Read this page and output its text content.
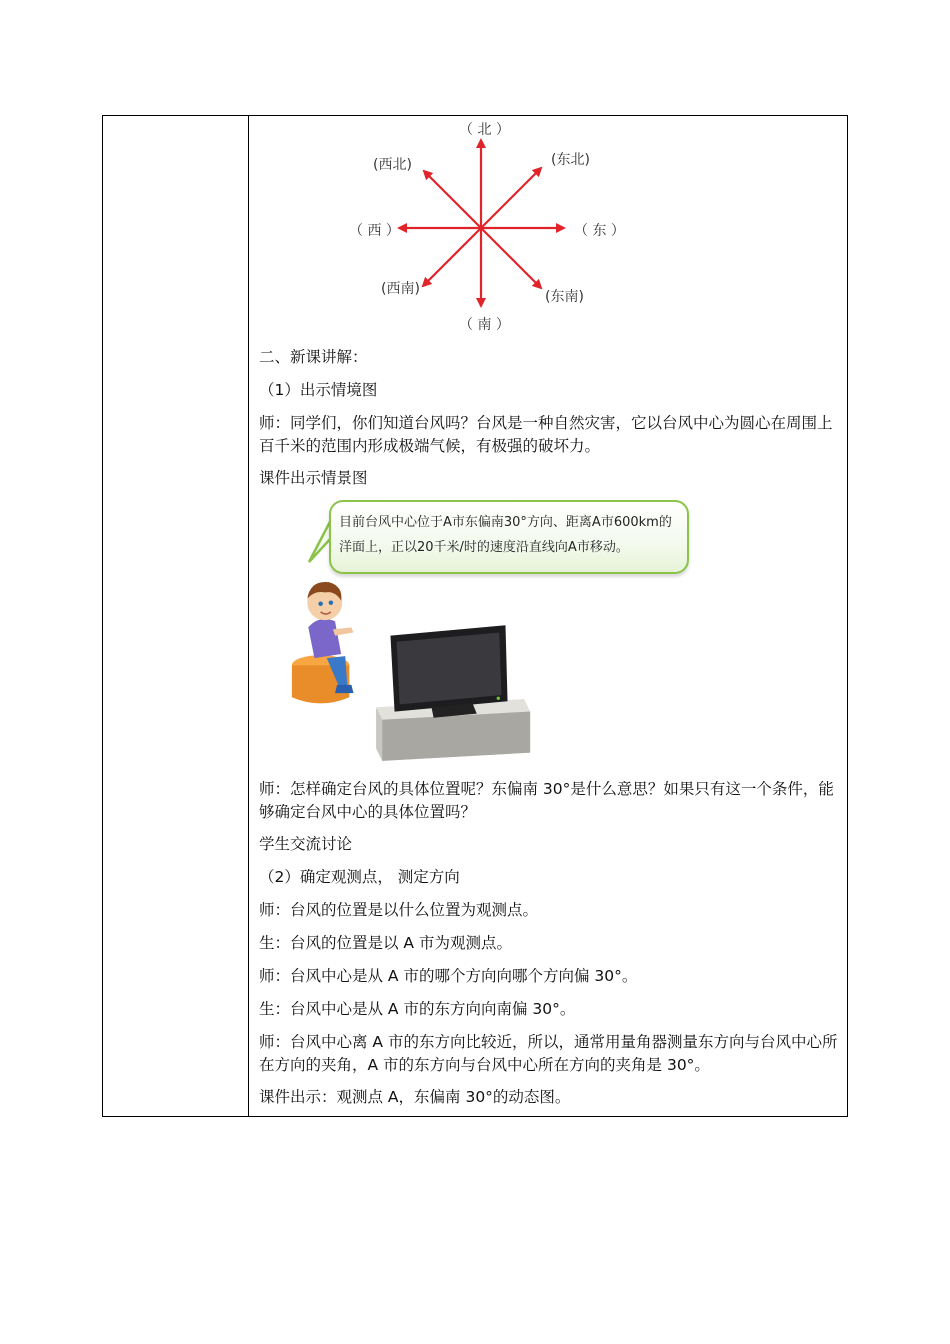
（ 北 ）
(西北)	(东北)
（ 西 ）	（ 东 ）
(西南)	(东南)
（ 南 ）
二、新课讲解：
（1）出示情境图
师：同学们，你们知道台风吗？台风是一种自然灾害，它以台风中心为圆心在周围上百千米的范围内形成极端气候，有极强的破坏力。
课件出示情景图
目前台风中心位于A市东偏南30°方向、距离A市600km的洋面上，正以20千米/时的速度沿直线向A市移动。
师：怎样确定台风的具体位置呢？东偏南 30°是什么意思？如果只有这一个条件，能够确定台风中心的具体位置吗？
学生交流讨论
（2）确定观测点， 测定方向
师：台风的位置是以什么位置为观测点。
生：台风的位置是以 A 市为观测点。
师：台风中心是从 A 市的哪个方向向哪个方向偏 30°。
生：台风中心是从 A 市的东方向向南偏 30°。
师：台风中心离 A 市的东方向比较近，所以，通常用量角器测量东方向与台风中心所在方向的夹角，A 市的东方向与台风中心所在方向的夹角是 30°。
课件出示：观测点 A，东偏南 30°的动态图。
